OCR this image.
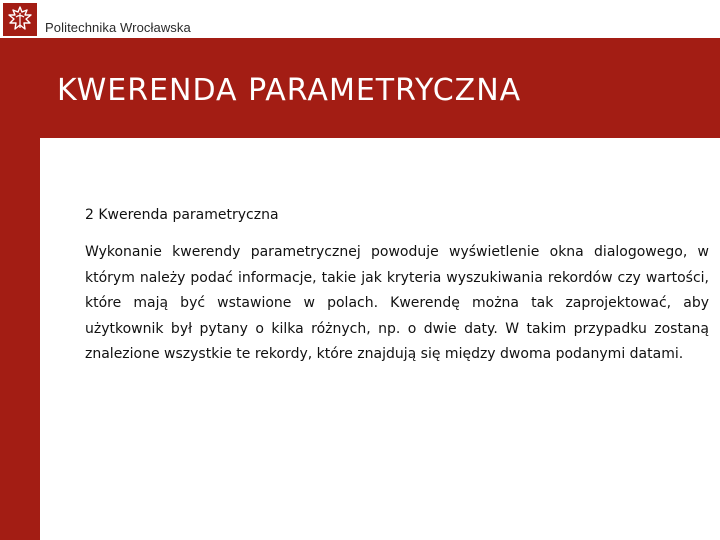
Politechnika Wrocławska
KWERENDA PARAMETRYCZNA

2 Kwerenda parametryczna

Wykonanie kwerendy parametrycznej powoduje wyświetlenie okna dialogowego, w którym należy podać informacje, takie jak kryteria wyszukiwania rekordów czy wartości, które mają być wstawione w polach. Kwerendę można tak zaprojektować, aby użytkownik był pytany o kilka różnych, np. o dwie daty. W takim przypadku zostaną znalezione wszystkie te rekordy, które znajdują się między dwoma podanymi datami.
